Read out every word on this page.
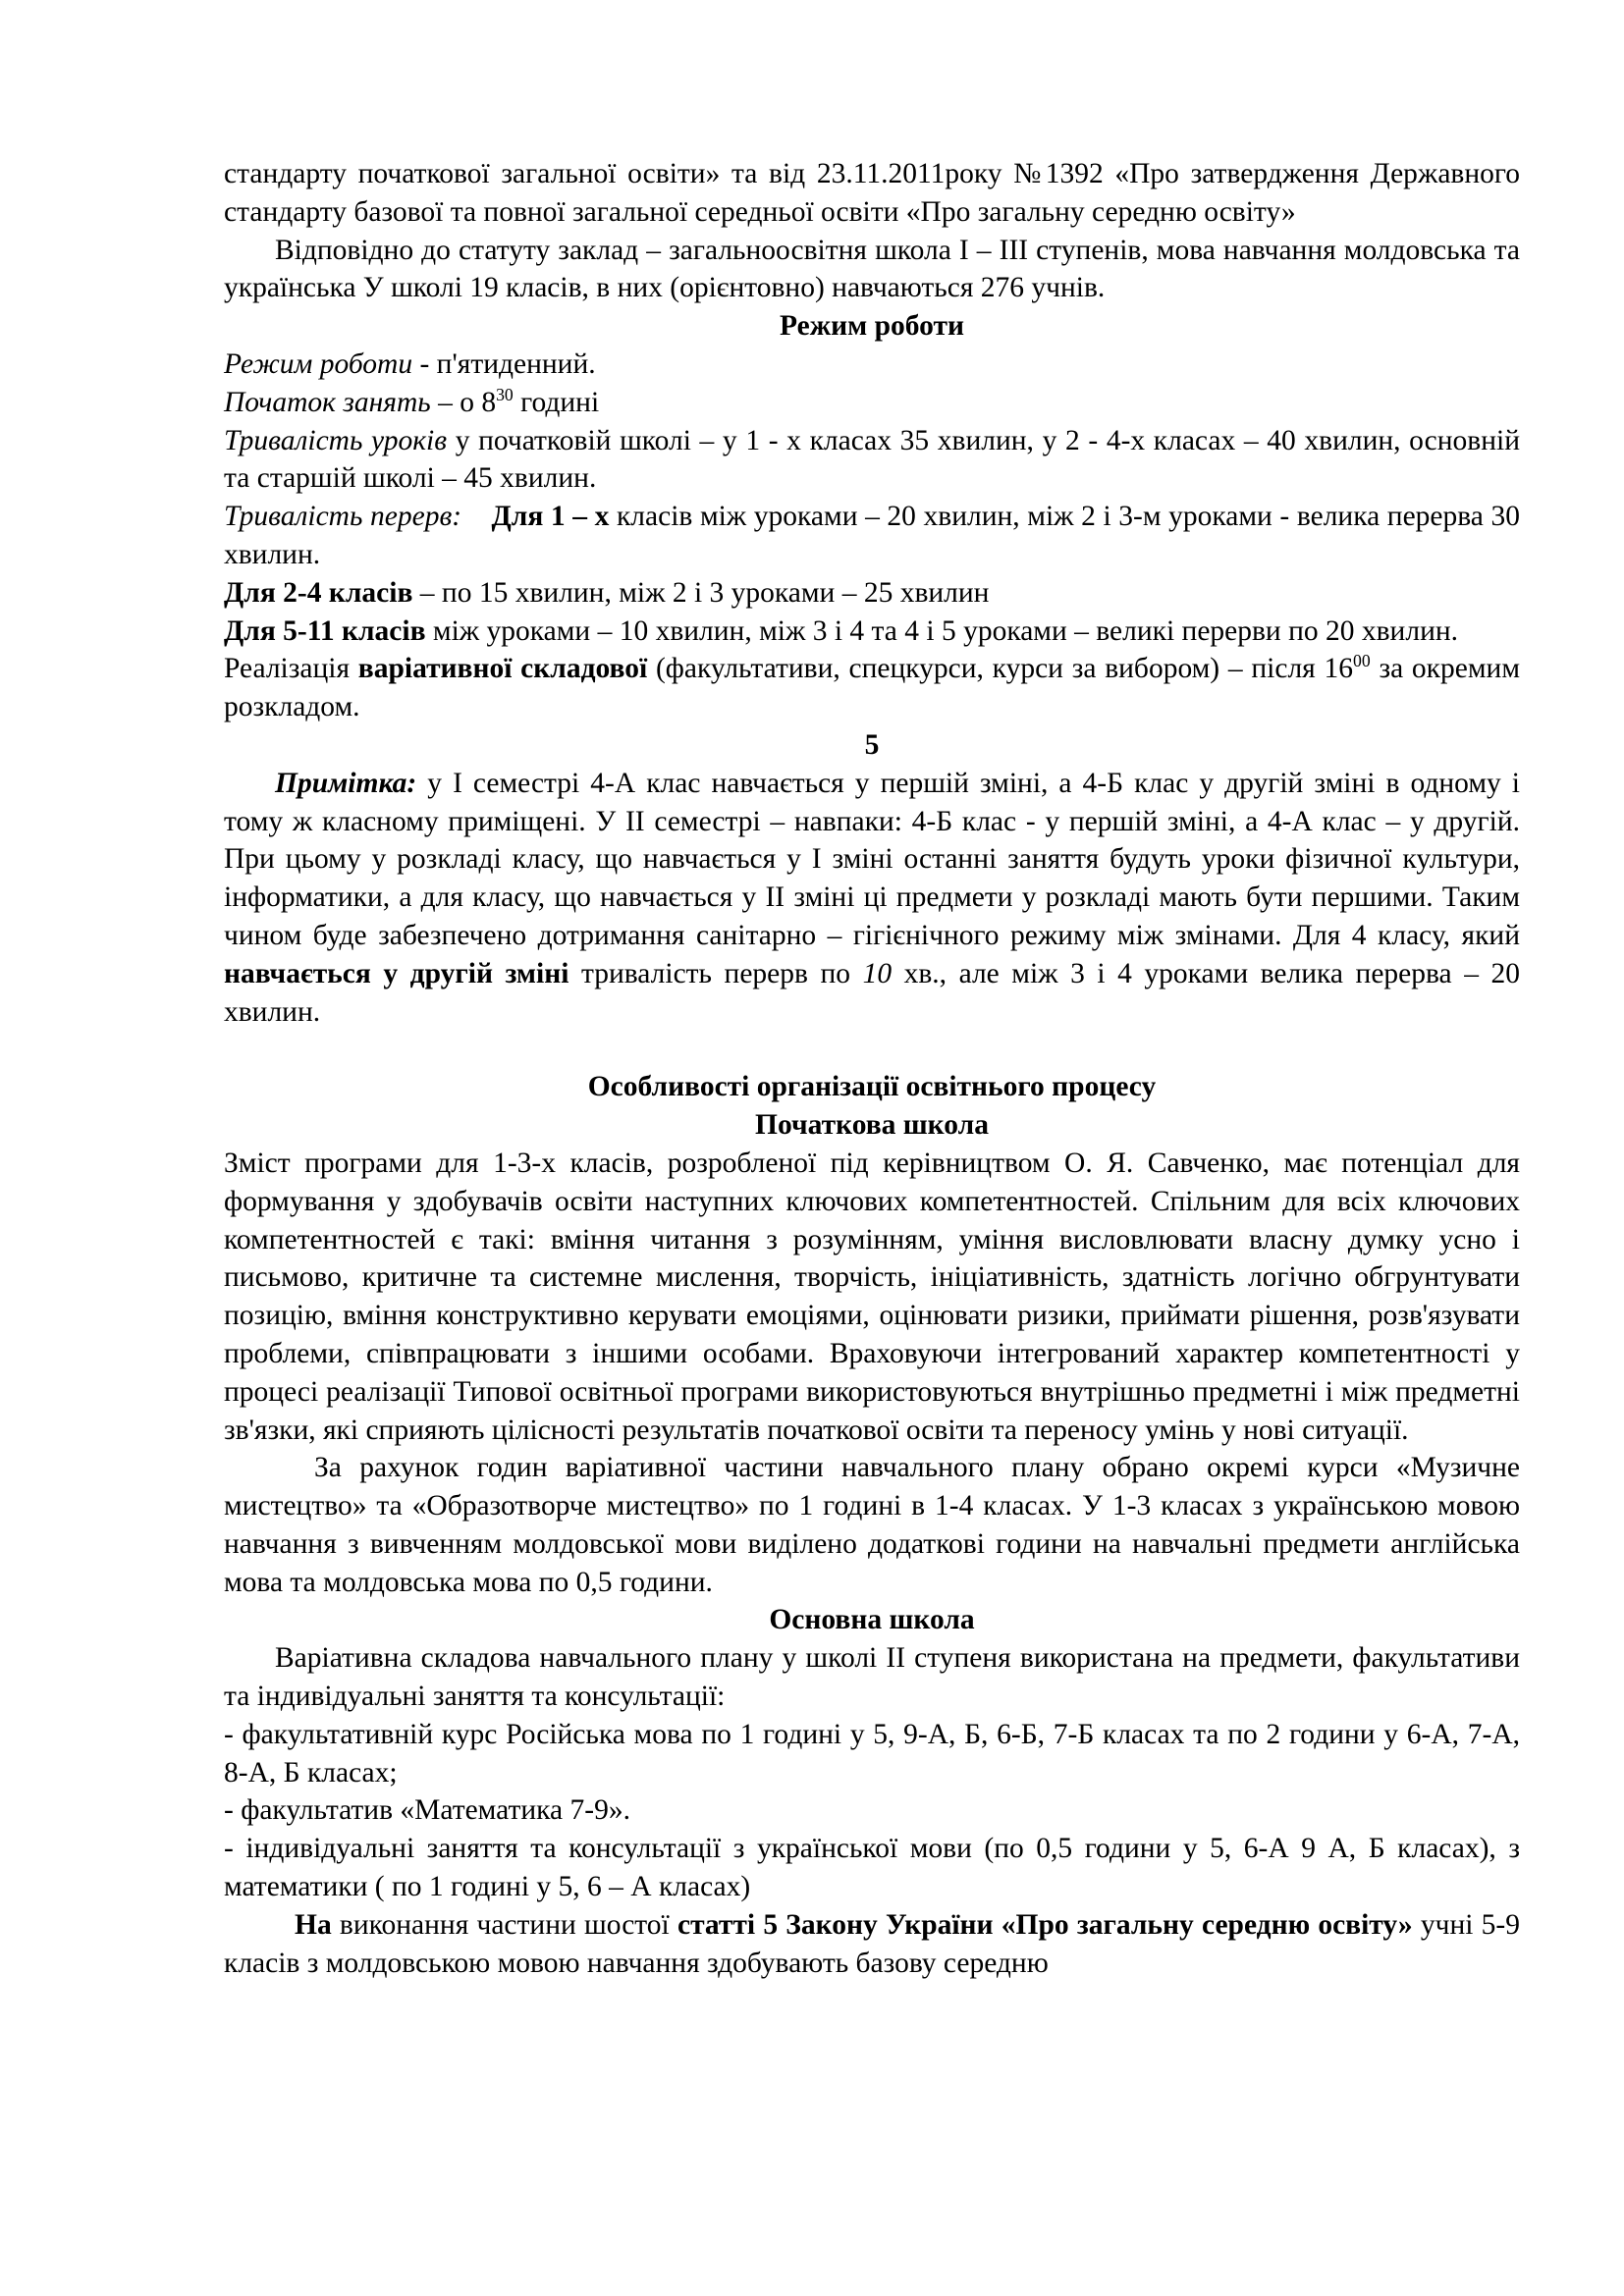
стандарту початкової загальної освіти» та від 23.11.2011року №1392 «Про затвердження Державного стандарту базової та повної загальної середньої освіти «Про загальну середню освіту»

Відповідно до статуту заклад – загальноосвітня школа І – ІІІ ступенів, мова навчання молдовська та українська У школі 19 класів, в них (орієнтовно) навчаються 276 учнів.

Режим роботи

Режим роботи - п'ятиденний.

Початок занять – о $8^{30}$ годині

Тривалість уроків у початковій школі – у 1 - х класах 35 хвилин, у 2 - 4-х класах – 40 хвилин, основній та старшій школі – 45 хвилин.

Тривалість перерв: Для 1 – х класів між уроками – 20 хвилин, між 2 і 3-м уроками - велика перерва 30 хвилин.

Для 2-4 класів – по 15 хвилин, між 2 і 3 уроками – 25 хвилин

Для 5-11 класів між уроками – 10 хвилин, між 3 і 4 та 4 і 5 уроками – великі перерви по 20 хвилин.

Реалізація варіативної складової (факультативи, спецкурси, курси за вибором) – після $16^{00}$ за окремим розкладом.

5

Примітка: у І семестрі 4-А клас навчається у першій зміні, а 4-Б клас у другій зміні в одному і тому ж класному приміщені. У ІІ семестрі – навпаки: 4-Б клас - у першій зміні, а 4-А клас – у другій. При цьому у розкладі класу, що навчається у І зміні останні заняття будуть уроки фізичної культури, інформатики, а для класу, що навчається у ІІ зміні ці предмети у розкладі мають бути першими. Таким чином буде забезпечено дотримання санітарно – гігієнічного режиму між змінами. Для 4 класу, який навчається у другій зміні тривалість перерв по 10 хв., але між 3 і 4 уроками велика перерва – 20 хвилин.

Особливості організації освітнього процесу

Початкова школа

Зміст програми для 1-3-х класів, розробленої під керівництвом О. Я. Савченко, має потенціал для формування у здобувачів освіти наступних ключових компетентностей. Спільним для всіх ключових компетентностей є такі: вміння читання з розумінням, уміння висловлювати власну думку усно і письмово, критичне та системне мислення, творчість, ініціативність, здатність логічно обгрунтувати позицію, вміння конструктивно керувати емоціями, оцінювати ризики, приймати рішення, розв'язувати проблеми, співпрацювати з іншими особами. Враховуючи інтегрований характер компетентності у процесі реалізації Типової освітньої програми використовуються внутрішньо предметні і між предметні зв'язки, які сприяють цілісності результатів початкової освіти та переносу умінь у нові ситуації.

За рахунок годин варіативної частини навчального плану обрано окремі курси «Музичне мистецтво» та «Образотворче мистецтво» по 1 годині в 1-4 класах. У 1-3 класах з українською мовою навчання з вивченням молдовської мови виділено додаткові години на навчальні предмети англійська мова та молдовська мова по 0,5 години.

Основна школа

Варіативна складова навчального плану у школі ІІ ступеня використана на предмети, факультативи та індивідуальні заняття та консультації:

- факультативній курс Російська мова по 1 годині у 5, 9-А, Б, 6-Б, 7-Б класах та по 2 години у 6-А, 7-А, 8-А, Б класах;

- факультатив «Математика 7-9».

- індивідуальні заняття та консультації з української мови (по 0,5 години у 5, 6-А 9 А, Б класах), з математики ( по 1 годині у 5, 6 – А класах)

На виконання частини шостої статті 5 Закону України «Про загальну середню освіту» учні 5-9 класів з молдовською мовою навчання здобувають базову середню
